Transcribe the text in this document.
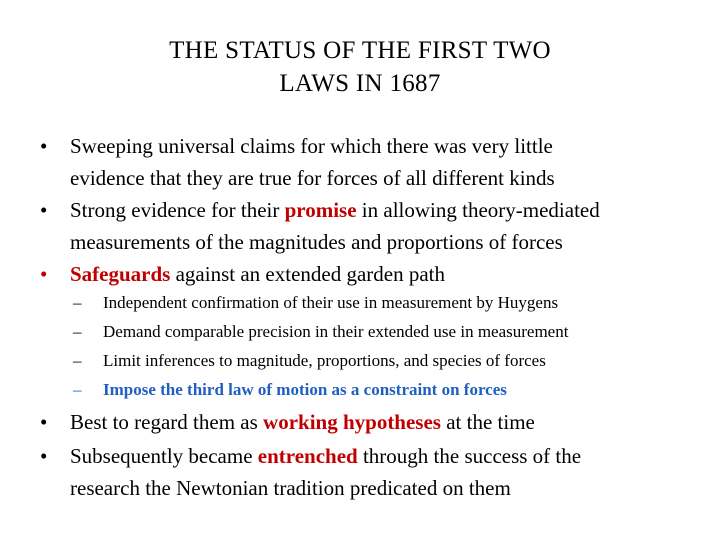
THE STATUS OF THE FIRST TWO
LAWS IN 1687
•	Sweeping universal claims for which there was very little
evidence that they are true for forces of all different kinds
•	Strong evidence for their promise in allowing theory-mediated
measurements of the magnitudes and proportions of forces
•	Safeguards against an extended garden path
– Independent confirmation of their use in measurement by Huygens
– Demand comparable precision in their extended use in measurement
– Limit inferences to magnitude, proportions, and species of forces
– Impose the third law of motion as a constraint on forces
•	Best to regard them as working hypotheses at the time
•	Subsequently became entrenched through the success of the
research the Newtonian tradition predicated on them
